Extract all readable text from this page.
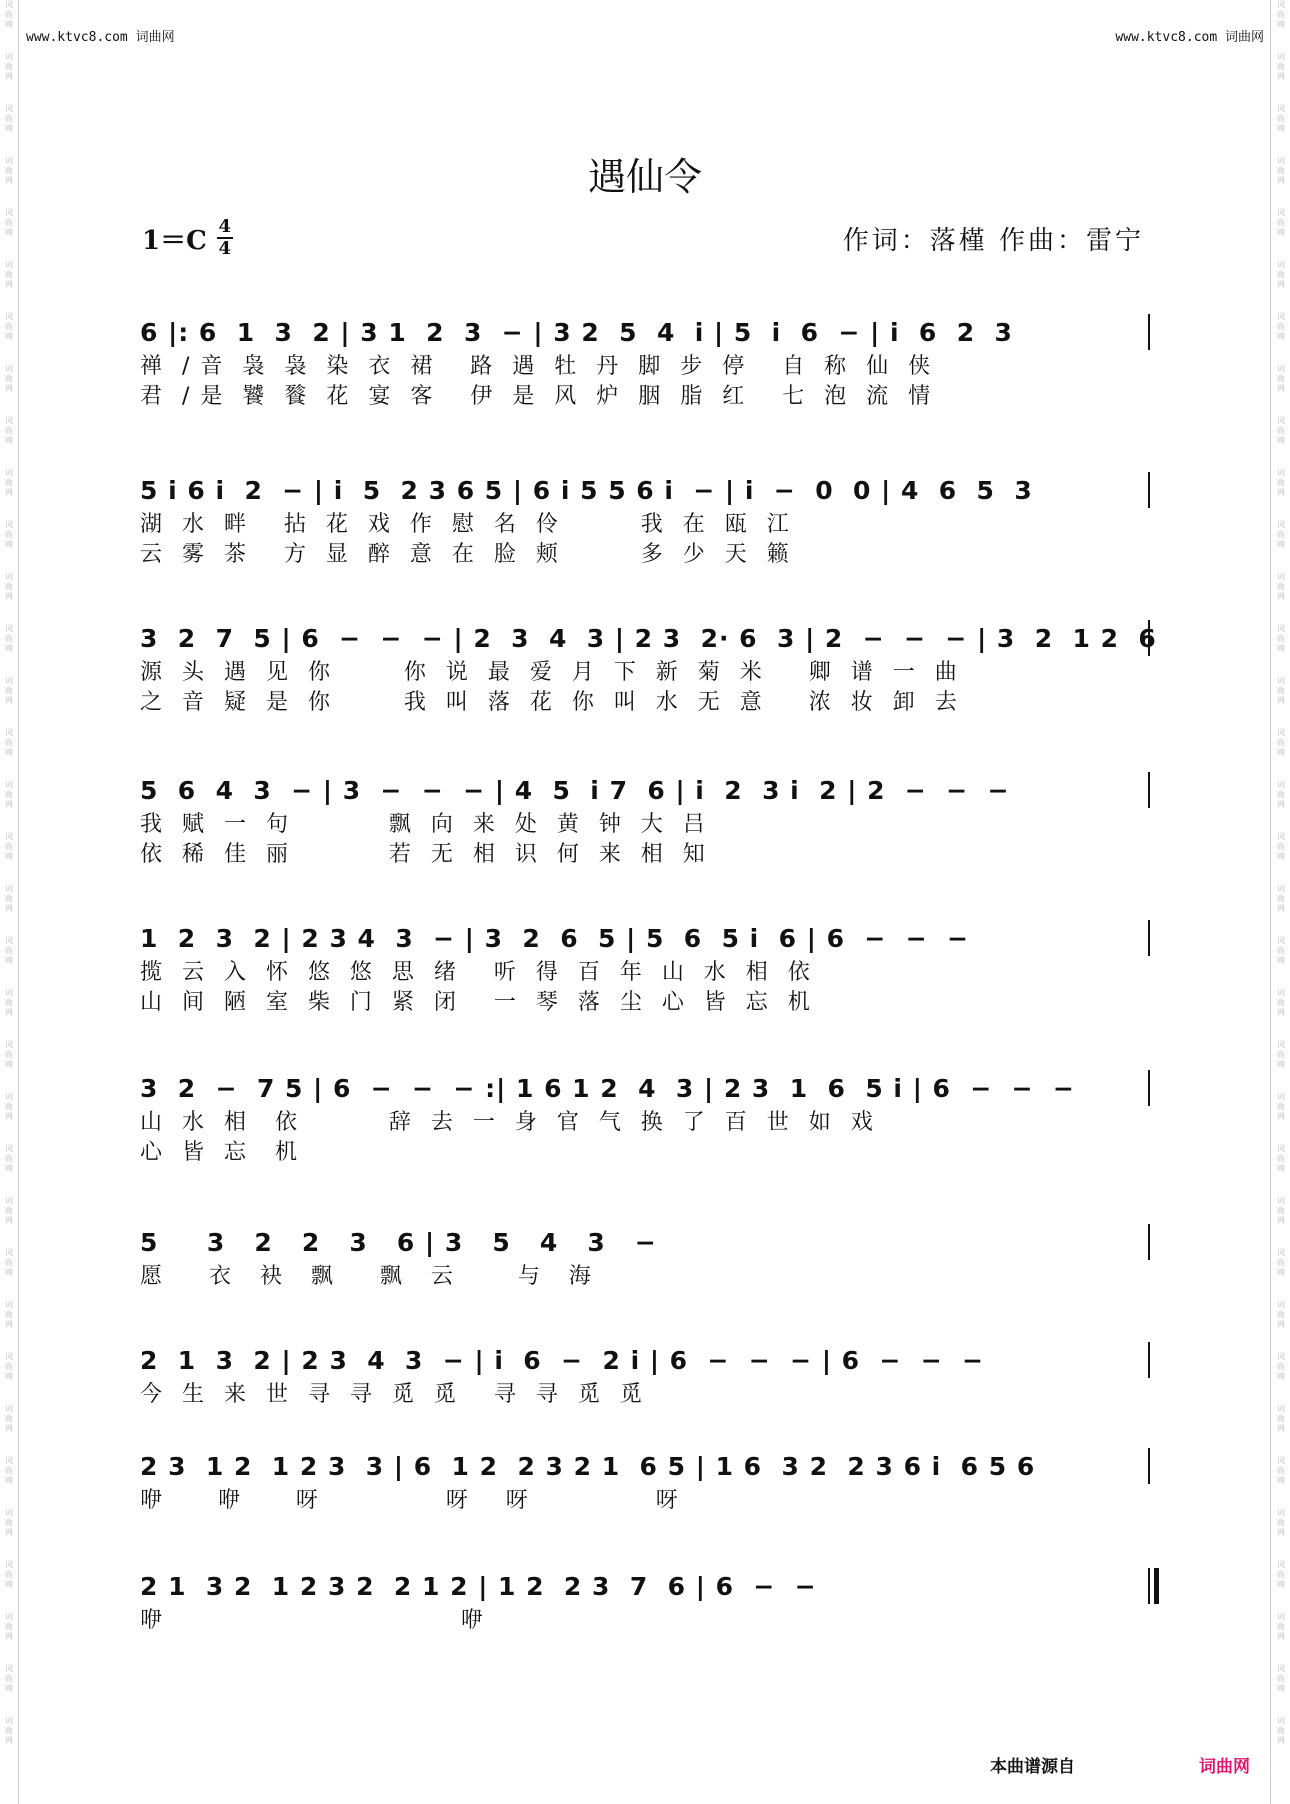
词曲网
词曲网
词曲网
词曲网
词曲网
词曲网
词曲网
词曲网
词曲网
词曲网
词曲网
词曲网
词曲网
词曲网
词曲网
词曲网
词曲网
词曲网
词曲网
词曲网
词曲网
词曲网
词曲网
词曲网
词曲网
词曲网
词曲网
词曲网
词曲网
词曲网
词曲网
词曲网
词曲网
词曲网
词曲网
词曲网
词曲网
词曲网
词曲网
词曲网
词曲网
词曲网
词曲网
词曲网
词曲网
词曲网
词曲网
词曲网
词曲网
词曲网
词曲网
词曲网
词曲网
词曲网
词曲网
词曲网
词曲网
词曲网
词曲网
词曲网
词曲网
词曲网
词曲网
词曲网
词曲网
词曲网
词曲网
词曲网
www.ktvc8.com 词曲网	www.ktvc8.com 词曲网
遇仙令
1＝C 4
4	作词：落槿 作曲：雷宁
6 |: 6  1  3  2 | 3 1  2  3  − | 3 2  5  4  i | 5  i  6  − | i  6  2  3
禅  / 音  袅  袅  染  衣  裙    路  遇  牡  丹  脚  步  停    自  称  仙  侠
君  / 是  饕  餮  花  宴  客    伊  是  风  炉  胭  脂  红    七  泡  流  情
5 i 6 i  2  − | i  5  2 3 6 5 | 6 i 5 5 6 i  − | i  −  0  0 | 4  6  5  3
湖  水  畔    拈  花  戏  作  慰  名  伶         我  在  瓯  江
云  雾  茶    方  显  醉  意  在  脸  颊         多  少  天  籁
3  2  7  5 | 6  −  −  − | 2  3  4  3 | 2 3  2· 6  3 | 2  −  −  − | 3  2  1 2  6
源  头  遇  见  你        你  说  最  爱  月  下  新  菊  米     卿  谱  一  曲
之  音  疑  是  你        我  叫  落  花  你  叫  水  无  意     浓  妆  卸  去
5  6  4  3  − | 3  −  −  − | 4  5  i 7  6 | i  2  3 i  2 | 2  −  −  −
我  赋  一  句           飘  向  来  处  黄  钟  大  吕
依  稀  佳  丽           若  无  相  识  何  来  相  知
1  2  3  2 | 2 3 4  3  − | 3  2  6  5 | 5  6  5 i  6 | 6  −  −  −
揽  云  入  怀  悠  悠  思  绪    听  得  百  年  山  水  相  依
山  间  陋  室  柴  门  紧  闭    一  琴  落  尘  心  皆  忘  机
3  2  −  7 5 | 6  −  −  − :| 1 6 1 2  4  3 | 2 3  1  6  5 i | 6  −  −  −
山  水  相   依          辞  去  一  身  官  气  换  了  百  世  如  戏
心  皆  忘   机
5     3   2   2   3   6 | 3   5   4   3   −
愿     衣   袂   飘     飘   云       与   海
2  1  3  2 | 2 3  4  3  − | i  6  −  2 i | 6  −  −  − | 6  −  −  −
今  生  来  世  寻  寻  觅  觅    寻  寻  觅  觅
2 3  1 2  1 2 3  3 | 6  1 2  2 3 2 1  6 5 | 1 6  3 2  2 3 6 i  6 5 6
咿      咿      呀              呀    呀              呀
2 1  3 2  1 2 3 2  2 1 2 | 1 2  2 3  7  6 | 6  −  −
咿                                 咿
本曲谱源自	词曲网
